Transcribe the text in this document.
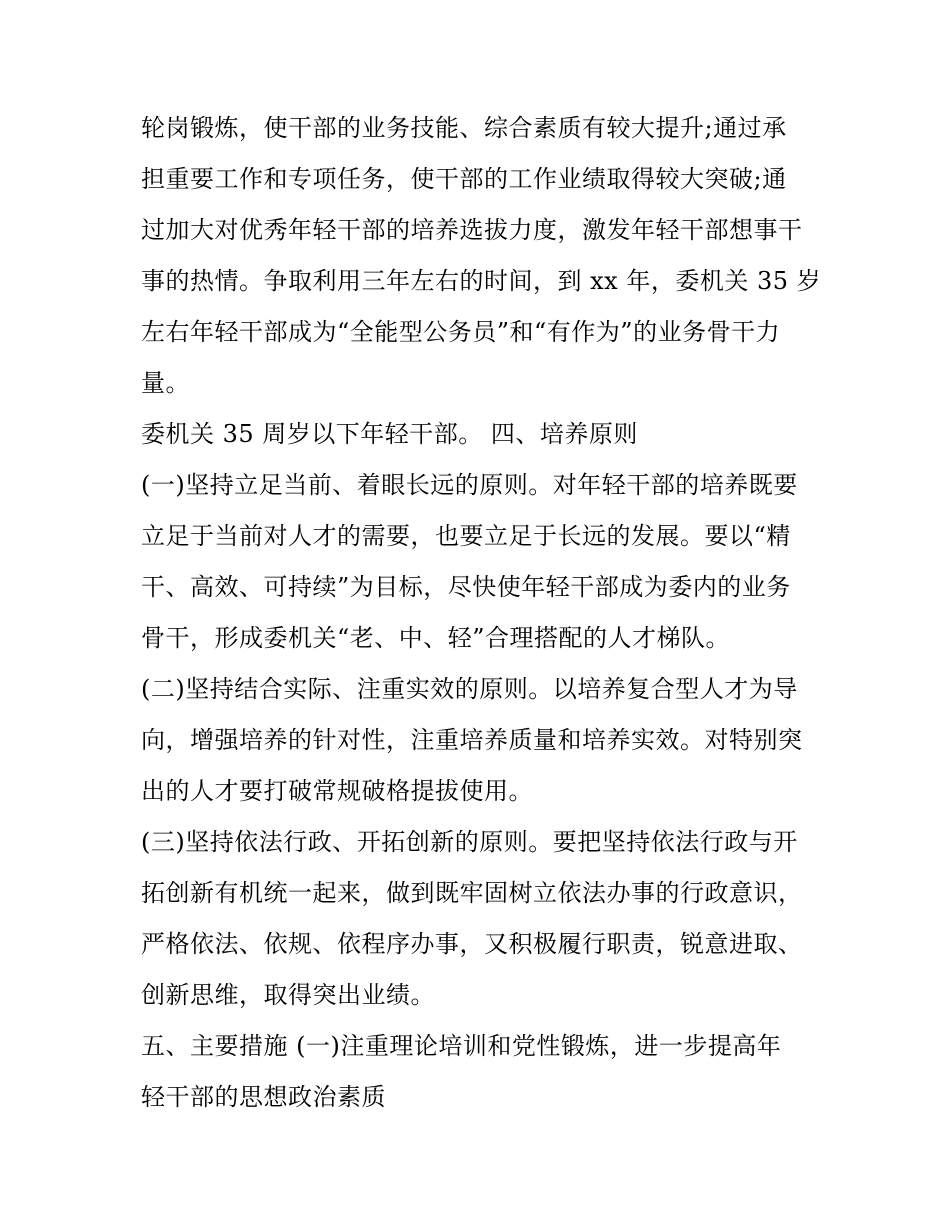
轮岗锻炼，使干部的业务技能、综合素质有较大提升;通过承
担重要工作和专项任务，使干部的工作业绩取得较大突破;通
过加大对优秀年轻干部的培养选拔力度，激发年轻干部想事干
事的热情。争取利用三年左右的时间，到 xx 年，委机关 35 岁
左右年轻干部成为“全能型公务员”和“有作为”的业务骨干力
量。
委机关 35 周岁以下年轻干部。 四、培养原则
(一)坚持立足当前、着眼长远的原则。对年轻干部的培养既要
立足于当前对人才的需要，也要立足于长远的发展。要以“精
干、高效、可持续”为目标，尽快使年轻干部成为委内的业务
骨干，形成委机关“老、中、轻”合理搭配的人才梯队。
(二)坚持结合实际、注重实效的原则。以培养复合型人才为导
向，增强培养的针对性，注重培养质量和培养实效。对特别突
出的人才要打破常规破格提拔使用。
(三)坚持依法行政、开拓创新的原则。要把坚持依法行政与开
拓创新有机统一起来，做到既牢固树立依法办事的行政意识，
严格依法、依规、依程序办事，又积极履行职责，锐意进取、
创新思维，取得突出业绩。
五、主要措施 (一)注重理论培训和党性锻炼，进一步提高年
轻干部的思想政治素质
